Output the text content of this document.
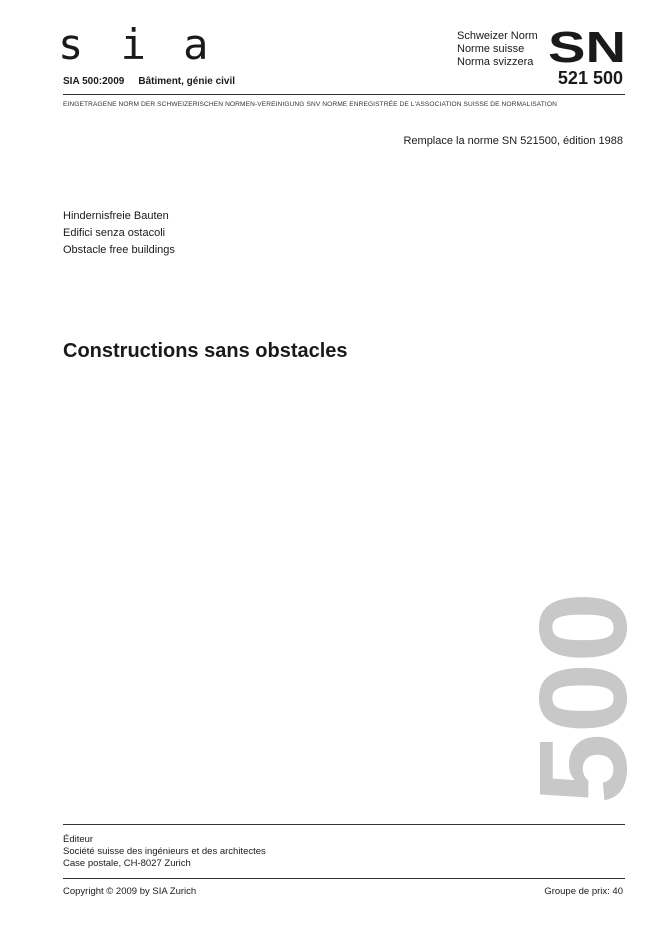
s i a	Schweizer Norm
Norme suisse
Norma svizzera SN
521 500
SIA 500:2009 Bâtiment, génie civil
EINGETRAGENE NORM DER SCHWEIZERISCHEN NORMEN-VEREINIGUNG SNV NORME ENREGISTRÉE DE L'ASSOCIATION SUISSE DE NORMALISATION
Remplace la norme SN 521500, édition 1988
Hindernisfreie Bauten
Edifici senza ostacoli
Obstacle free buildings
Constructions sans obstacles
500
Éditeur
Société suisse des ingénieurs et des architectes
Case postale, CH-8027 Zurich
Copyright © 2009 by SIA Zurich	Groupe de prix: 40
